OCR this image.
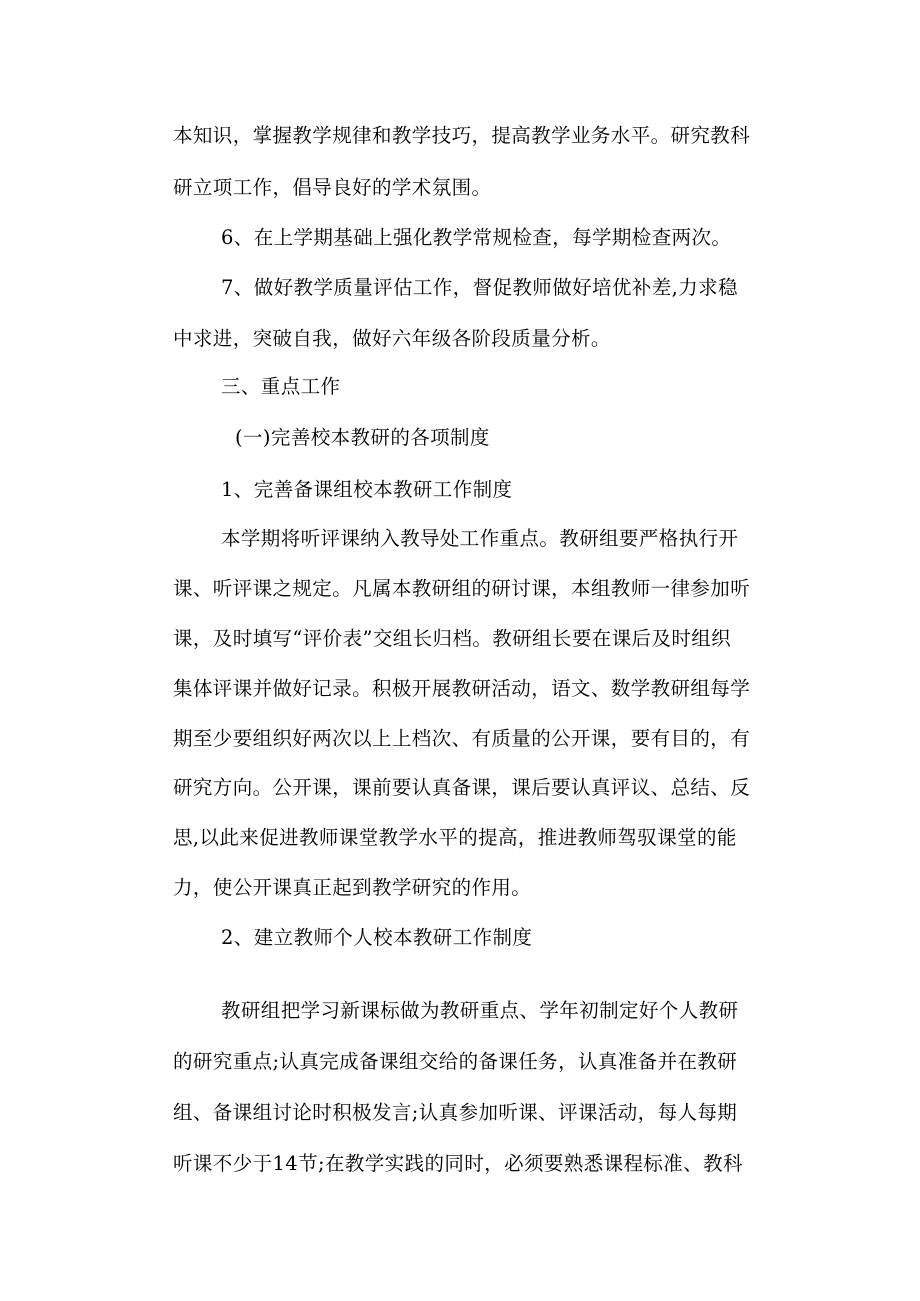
本知识，掌握教学规律和教学技巧，提高教学业务水平。研究教科
研立项工作，倡导良好的学术氛围。
6、在上学期基础上强化教学常规检查，每学期检查两次。
7、做好教学质量评估工作，督促教师做好培优补差,力求稳
中求进，突破自我，做好六年级各阶段质量分析。
三、重点工作
(一)完善校本教研的各项制度
1、完善备课组校本教研工作制度
本学期将听评课纳入教导处工作重点。教研组要严格执行开
课、听评课之规定。凡属本教研组的研讨课，本组教师一律参加听
课，及时填写“评价表”交组长归档。教研组长要在课后及时组织
集体评课并做好记录。积极开展教研活动，语文、数学教研组每学
期至少要组织好两次以上上档次、有质量的公开课，要有目的，有
研究方向。公开课，课前要认真备课，课后要认真评议、总结、反
思,以此来促进教师课堂教学水平的提高，推进教师驾驭课堂的能
力，使公开课真正起到教学研究的作用。
2、建立教师个人校本教研工作制度
教研组把学习新课标做为教研重点、学年初制定好个人教研
的研究重点;认真完成备课组交给的备课任务，认真准备并在教研
组、备课组讨论时积极发言;认真参加听课、评课活动，每人每期
听课不少于14节;在教学实践的同时，必须要熟悉课程标准、教科
